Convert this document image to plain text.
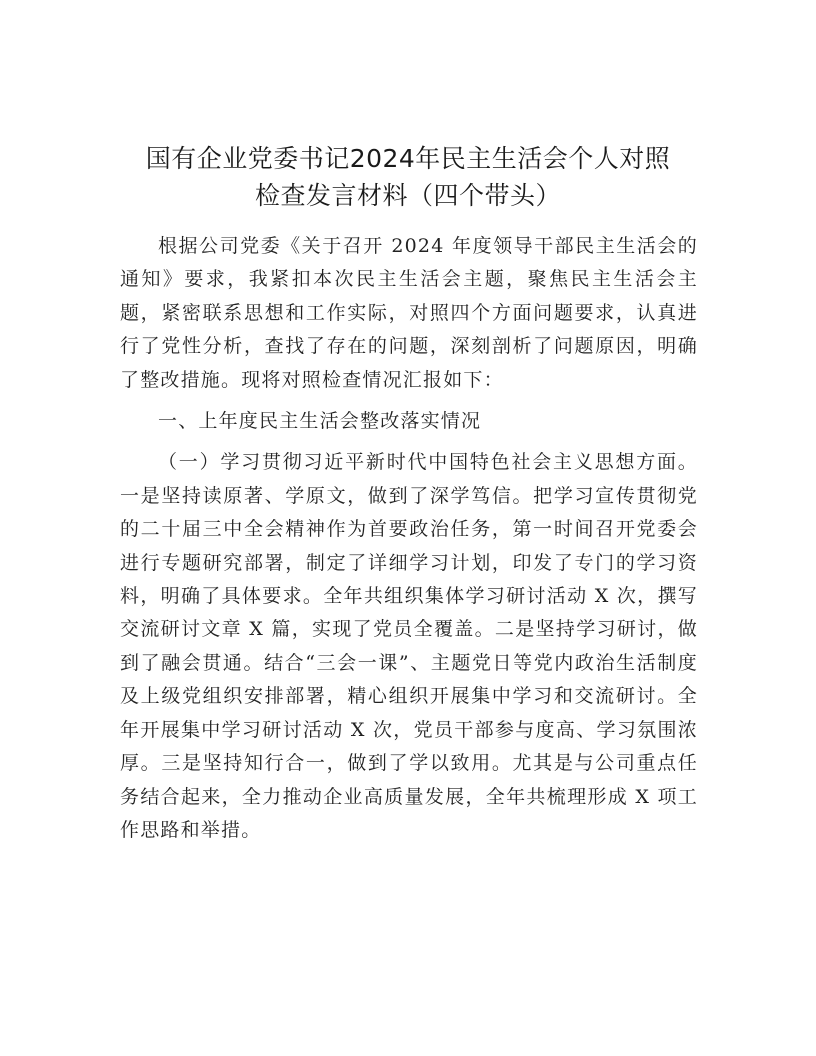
国有企业党委书记2024年民主生活会个人对照
检查发言材料（四个带头）

根据公司党委《关于召开 2024 年度领导干部民主生活会的通知》要求，我紧扣本次民主生活会主题，聚焦民主生活会主题，紧密联系思想和工作实际，对照四个方面问题要求，认真进行了党性分析，查找了存在的问题，深刻剖析了问题原因，明确了整改措施。现将对照检查情况汇报如下：

一、上年度民主生活会整改落实情况

（一）学习贯彻习近平新时代中国特色社会主义思想方面。一是坚持读原著、学原文，做到了深学笃信。把学习宣传贯彻党的二十届三中全会精神作为首要政治任务，第一时间召开党委会进行专题研究部署，制定了详细学习计划，印发了专门的学习资料，明确了具体要求。全年共组织集体学习研讨活动 X 次，撰写交流研讨文章 X 篇，实现了党员全覆盖。二是坚持学习研讨，做到了融会贯通。结合“三会一课”、主题党日等党内政治生活制度及上级党组织安排部署，精心组织开展集中学习和交流研讨。全年开展集中学习研讨活动 X 次，党员干部参与度高、学习氛围浓厚。三是坚持知行合一，做到了学以致用。尤其是与公司重点任务结合起来，全力推动企业高质量发展，全年共梳理形成 X 项工作思路和举措。
